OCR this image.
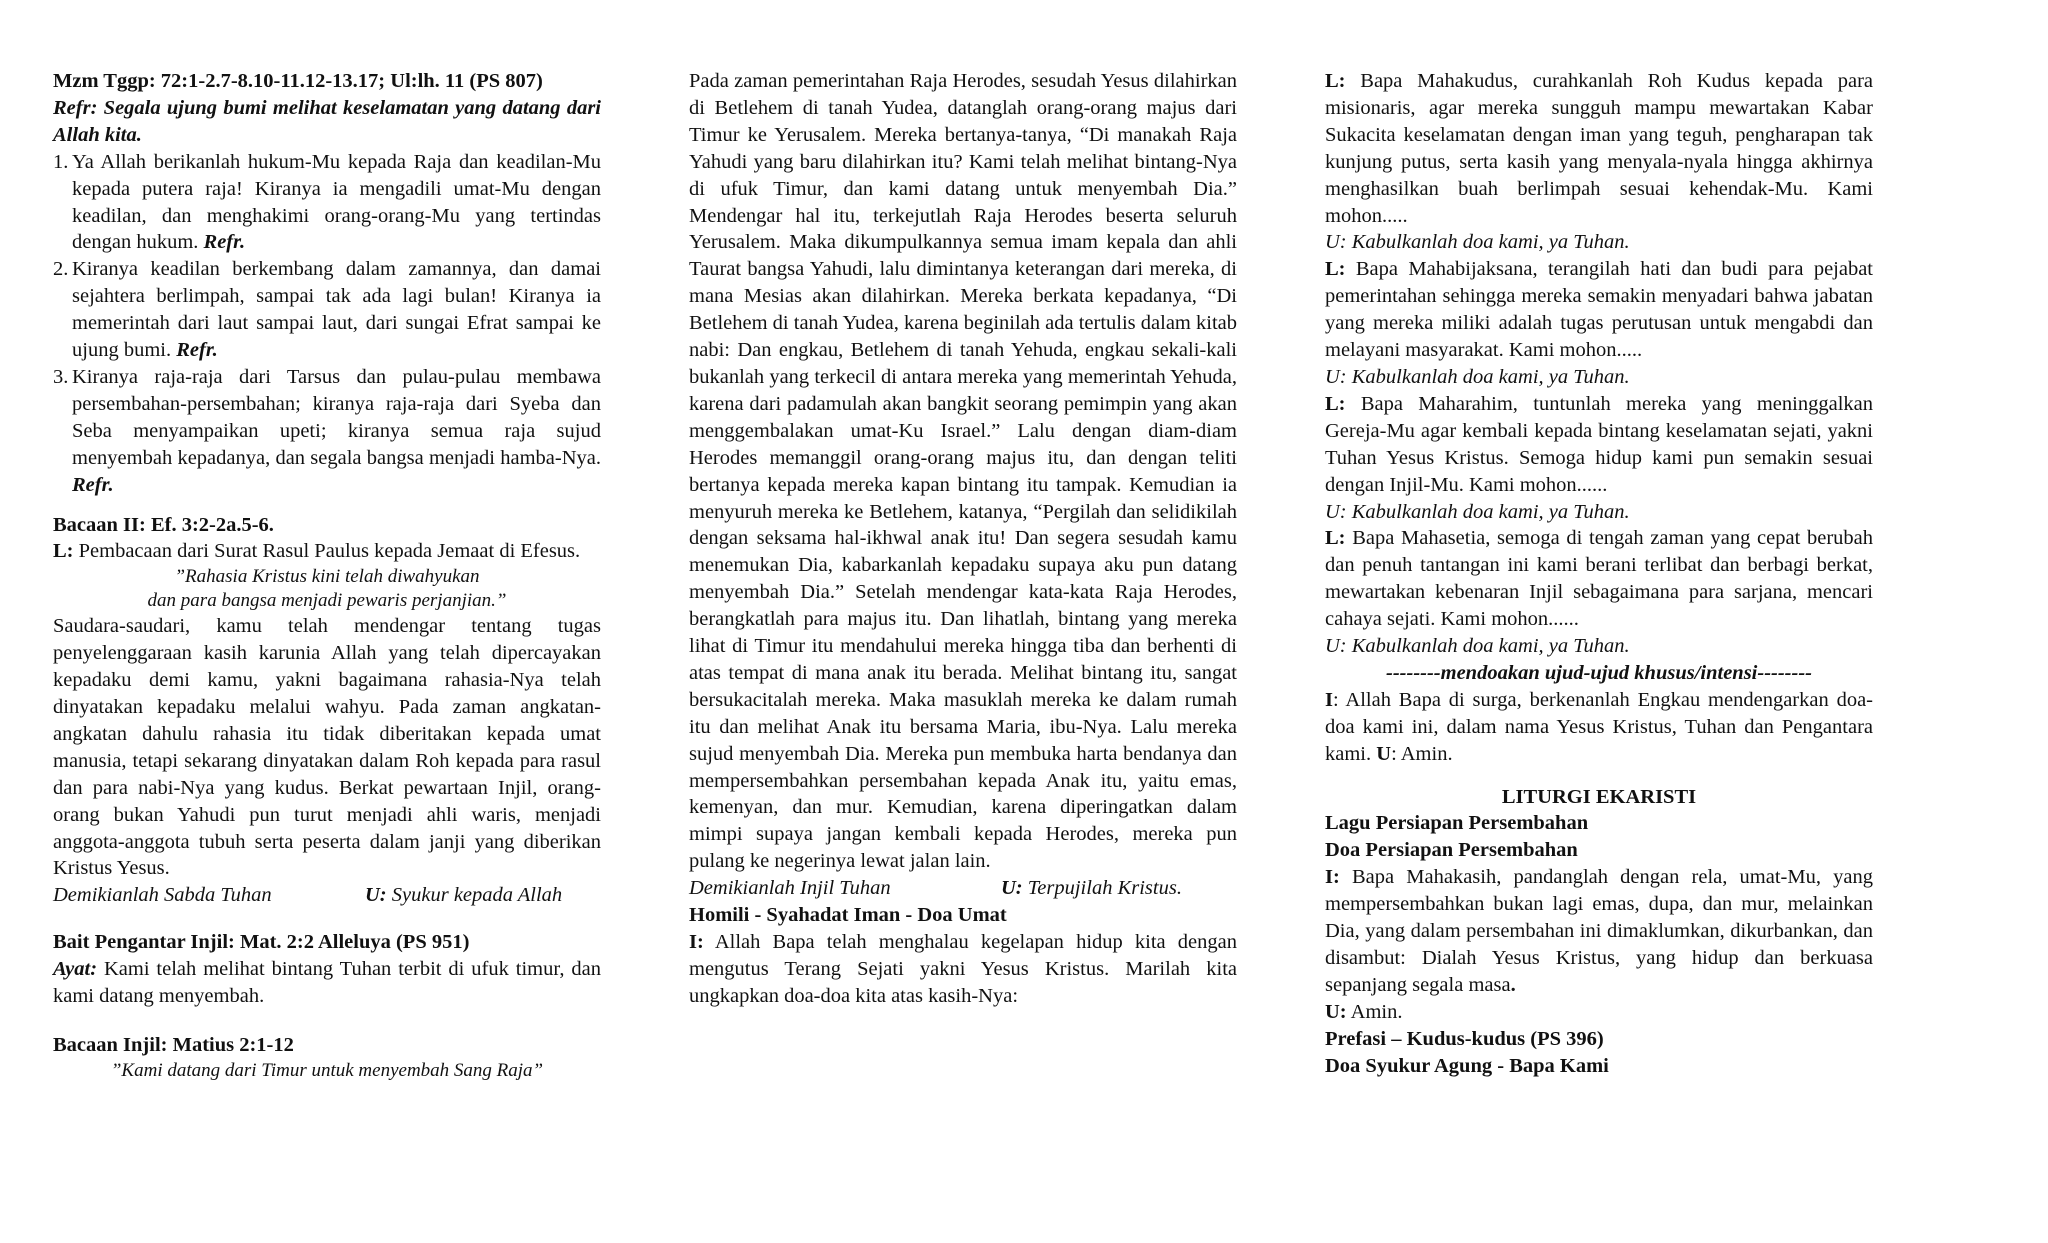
Mzm Tggp: 72:1-2.7-8.10-11.12-13.17; Ul:lh. 11 (PS 807)

Refr: Segala ujung bumi melihat keselamatan yang datang dari Allah kita.

1. Ya Allah berikanlah hukum-Mu kepada Raja dan keadilan-Mu kepada putera raja! Kiranya ia mengadili umat-Mu dengan keadilan, dan menghakimi orang-orang-Mu yang tertindas dengan hukum. Refr.
2. Kiranya keadilan berkembang dalam zamannya, dan damai sejahtera berlimpah, sampai tak ada lagi bulan! Kiranya ia memerintah dari laut sampai laut, dari sungai Efrat sampai ke ujung bumi. Refr.
3. Kiranya raja-raja dari Tarsus dan pulau-pulau membawa persembahan-persembahan; kiranya raja-raja dari Syeba dan Seba menyampaikan upeti; kiranya semua raja sujud menyembah kepadanya, dan segala bangsa menjadi hamba-Nya. Refr.

Bacaan II: Ef. 3:2-2a.5-6.

L: Pembacaan dari Surat Rasul Paulus kepada Jemaat di Efesus.

”Rahasia Kristus kini telah diwahyukan

dan para bangsa menjadi pewaris perjanjian.”

Saudara-saudari, kamu telah mendengar tentang tugas penyelenggaraan kasih karunia Allah yang telah dipercayakan kepadaku demi kamu, yakni bagaimana rahasia-Nya telah dinyatakan kepadaku melalui wahyu. Pada zaman angkatan-angkatan dahulu rahasia itu tidak diberitakan kepada umat manusia, tetapi sekarang dinyatakan dalam Roh kepada para rasul dan para nabi-Nya yang kudus. Berkat pewartaan Injil, orang-orang bukan Yahudi pun turut menjadi ahli waris, menjadi anggota-anggota tubuh serta peserta dalam janji yang diberikan Kristus Yesus.

Demikianlah Sabda Tuhan	U: Syukur kepada Allah

Bait Pengantar Injil: Mat. 2:2 Alleluya (PS 951)

Ayat: Kami telah melihat bintang Tuhan terbit di ufuk timur, dan kami datang menyembah.

Bacaan Injil: Matius 2:1-12

”Kami datang dari Timur untuk menyembah Sang Raja”

Pada zaman pemerintahan Raja Herodes, sesudah Yesus dilahirkan di Betlehem di tanah Yudea, datanglah orang-orang majus dari Timur ke Yerusalem. Mereka bertanya-tanya, “Di manakah Raja Yahudi yang baru dilahirkan itu? Kami telah melihat bintang-Nya di ufuk Timur, dan kami datang untuk menyembah Dia.” Mendengar hal itu, terkejutlah Raja Herodes beserta seluruh Yerusalem. Maka dikumpulkannya semua imam kepala dan ahli Taurat bangsa Yahudi, lalu dimintanya keterangan dari mereka, di mana Mesias akan dilahirkan. Mereka berkata kepadanya, “Di Betlehem di tanah Yudea, karena beginilah ada tertulis dalam kitab nabi: Dan engkau, Betlehem di tanah Yehuda, engkau sekali-kali bukanlah yang terkecil di antara mereka yang memerintah Yehuda, karena dari padamulah akan bangkit seorang pemimpin yang akan menggembalakan umat-Ku Israel.” Lalu dengan diam-diam Herodes memanggil orang-orang majus itu, dan dengan teliti bertanya kepada mereka kapan bintang itu tampak. Kemudian ia menyuruh mereka ke Betlehem, katanya, “Pergilah dan selidikilah dengan seksama hal-ikhwal anak itu! Dan segera sesudah kamu menemukan Dia, kabarkanlah kepadaku supaya aku pun datang menyembah Dia.” Setelah mendengar kata-kata Raja Herodes, berangkatlah para majus itu. Dan lihatlah, bintang yang mereka lihat di Timur itu mendahului mereka hingga tiba dan berhenti di atas tempat di mana anak itu berada. Melihat bintang itu, sangat bersukacitalah mereka. Maka masuklah mereka ke dalam rumah itu dan melihat Anak itu bersama Maria, ibu-Nya. Lalu mereka sujud menyembah Dia. Mereka pun membuka harta bendanya dan mempersembahkan persembahan kepada Anak itu, yaitu emas, kemenyan, dan mur. Kemudian, karena diperingatkan dalam mimpi supaya jangan kembali kepada Herodes, mereka pun pulang ke negerinya lewat jalan lain.

Demikianlah Injil Tuhan	U: Terpujilah Kristus.

Homili - Syahadat Iman - Doa Umat

I: Allah Bapa telah menghalau kegelapan hidup kita dengan mengutus Terang Sejati yakni Yesus Kristus. Marilah kita ungkapkan doa-doa kita atas kasih-Nya:

L: Bapa Mahakudus, curahkanlah Roh Kudus kepada para misionaris, agar mereka sungguh mampu mewartakan Kabar Sukacita keselamatan dengan iman yang teguh, pengharapan tak kunjung putus, serta kasih yang menyala-nyala hingga akhirnya menghasilkan buah berlimpah sesuai kehendak-Mu. Kami mohon.....

U: Kabulkanlah doa kami, ya Tuhan.

L: Bapa Mahabijaksana, terangilah hati dan budi para pejabat pemerintahan sehingga mereka semakin menyadari bahwa jabatan yang mereka miliki adalah tugas perutusan untuk mengabdi dan melayani masyarakat. Kami mohon.....

U: Kabulkanlah doa kami, ya Tuhan.

L: Bapa Maharahim, tuntunlah mereka yang meninggalkan Gereja-Mu agar kembali kepada bintang keselamatan sejati, yakni Tuhan Yesus Kristus. Semoga hidup kami pun semakin sesuai dengan Injil-Mu. Kami mohon......

U: Kabulkanlah doa kami, ya Tuhan.

L: Bapa Mahasetia, semoga di tengah zaman yang cepat berubah dan penuh tantangan ini kami berani terlibat dan berbagi berkat, mewartakan kebenaran Injil sebagaimana para sarjana, mencari cahaya sejati. Kami mohon......

U: Kabulkanlah doa kami, ya Tuhan.

--------mendoakan ujud-ujud khusus/intensi--------

I: Allah Bapa di surga, berkenanlah Engkau mendengarkan doa-doa kami ini, dalam nama Yesus Kristus, Tuhan dan Pengantara kami. U: Amin.

LITURGI EKARISTI

Lagu Persiapan Persembahan

Doa Persiapan Persembahan

I: Bapa Mahakasih, pandanglah dengan rela, umat-Mu, yang mempersembahkan bukan lagi emas, dupa, dan mur, melainkan Dia, yang dalam persembahan ini dimaklumkan, dikurbankan, dan disambut: Dialah Yesus Kristus, yang hidup dan berkuasa sepanjang segala masa.

U: Amin.

Prefasi – Kudus-kudus (PS 396)

Doa Syukur Agung - Bapa Kami
